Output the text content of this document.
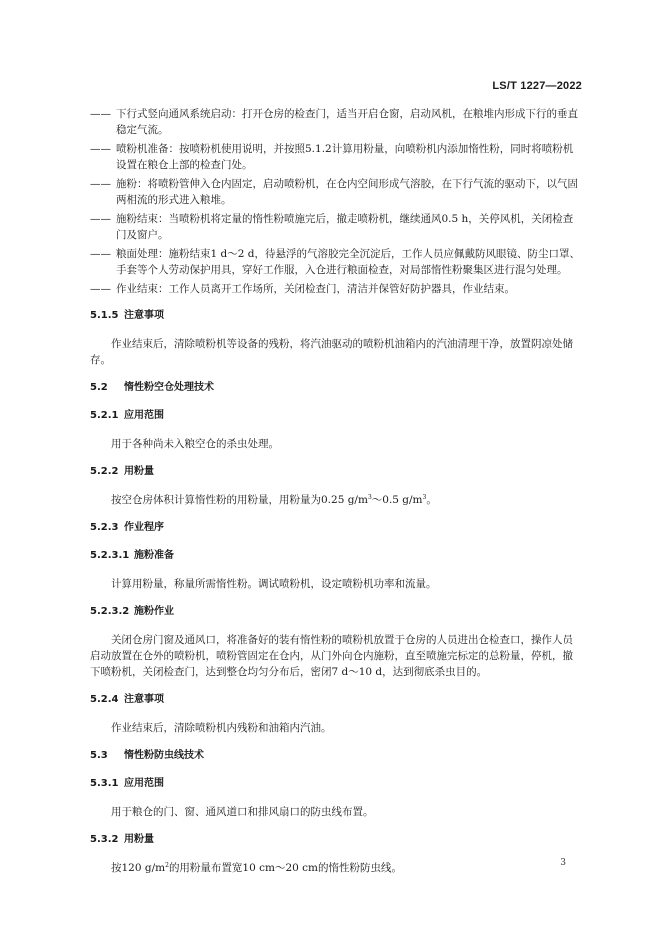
LS/T 1227—2022
—— 下行式竖向通风系统启动：打开仓房的检查门，适当开启仓窗，启动风机，在粮堆内形成下行的垂直稳定气流。
—— 喷粉机准备：按喷粉机使用说明，并按照5.1.2计算用粉量，向喷粉机内添加惰性粉，同时将喷粉机设置在粮仓上部的检查门处。
—— 施粉：将喷粉管伸入仓内固定，启动喷粉机，在仓内空间形成气溶胶，在下行气流的驱动下，以气固两相流的形式进入粮堆。
—— 施粉结束：当喷粉机将定量的惰性粉喷施完后，撤走喷粉机，继续通风0.5 h，关停风机，关闭检查门及窗户。
—— 粮面处理：施粉结束1 d～2 d，待悬浮的气溶胶完全沉淀后，工作人员应佩戴防风眼镜、防尘口罩、手套等个人劳动保护用具，穿好工作服，入仓进行粮面检查，对局部惰性粉聚集区进行混匀处理。
—— 作业结束：工作人员离开工作场所，关闭检查门，清洁并保管好防护器具，作业结束。
5.1.5 注意事项

作业结束后，清除喷粉机等设备的残粉，将汽油驱动的喷粉机油箱内的汽油清理干净，放置阴凉处储存。

5.2 惰性粉空仓处理技术
5.2.1 应用范围

用于各种尚未入粮空仓的杀虫处理。

5.2.2 用粉量

按空仓房体积计算惰性粉的用粉量，用粉量为0.25 $g/m^3\sim 0.5$ $g/m^3$。

5.2.3 作业程序
5.2.3.1 施粉准备

计算用粉量，称量所需惰性粉。调试喷粉机，设定喷粉机功率和流量。

5.2.3.2 施粉作业

关闭仓房门窗及通风口，将准备好的装有惰性粉的喷粉机放置于仓房的人员进出仓检查口，操作人员启动放置在仓外的喷粉机，喷粉管固定在仓内，从门外向仓内施粉，直至喷施完标定的总粉量，停机，撤下喷粉机，关闭检查门，达到整仓均匀分布后，密闭7 d～10 d，达到彻底杀虫目的。

5.2.4 注意事项

作业结束后，清除喷粉机内残粉和油箱内汽油。

5.3 惰性粉防虫线技术
5.3.1 应用范围

用于粮仓的门、窗、通风道口和排风扇口的防虫线布置。

5.3.2 用粉量

按120 $g/m^2$的用粉量布置宽10 cm～20 cm的惰性粉防虫线。	3
